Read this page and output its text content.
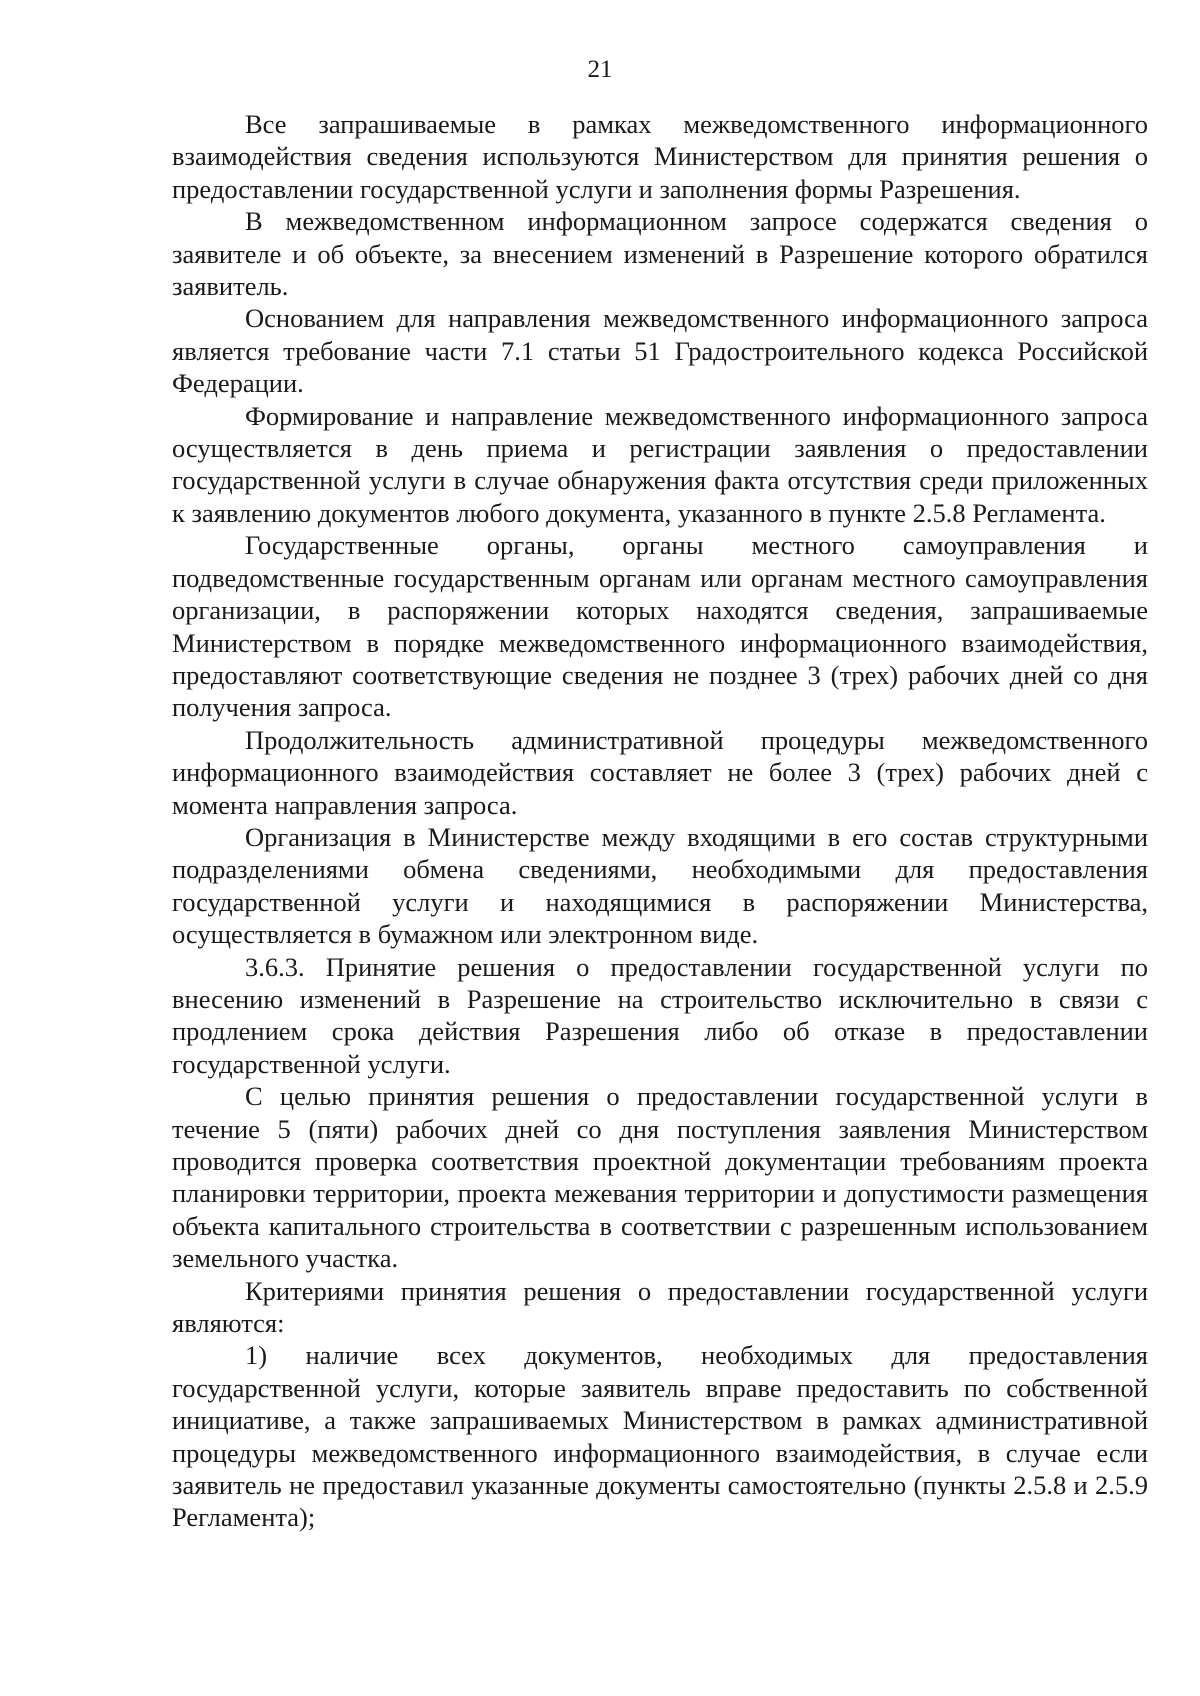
21

Все запрашиваемые в рамках межведомственного информационного взаимодействия сведения используются Министерством для принятия решения о предоставлении государственной услуги и заполнения формы Разрешения.

В межведомственном информационном запросе содержатся сведения о заявителе и об объекте, за внесением изменений в Разрешение которого обратился заявитель.

Основанием для направления межведомственного информационного запроса является требование части 7.1 статьи 51 Градостроительного кодекса Российской Федерации.

Формирование и направление межведомственного информационного запроса осуществляется в день приема и регистрации заявления о предоставлении государственной услуги в случае обнаружения факта отсутствия среди приложенных к заявлению документов любого документа, указанного в пункте 2.5.8 Регламента.

Государственные органы, органы местного самоуправления и подведомственные государственным органам или органам местного самоуправления организации, в распоряжении которых находятся сведения, запрашиваемые Министерством в порядке межведомственного информационного взаимодействия, предоставляют соответствующие сведения не позднее 3 (трех) рабочих дней со дня получения запроса.

Продолжительность административной процедуры межведомственного информационного взаимодействия составляет не более 3 (трех) рабочих дней с момента направления запроса.

Организация в Министерстве между входящими в его состав структурными подразделениями обмена сведениями, необходимыми для предоставления государственной услуги и находящимися в распоряжении Министерства, осуществляется в бумажном или электронном виде.

3.6.3. Принятие решения о предоставлении государственной услуги по внесению изменений в Разрешение на строительство исключительно в связи с продлением срока действия Разрешения либо об отказе в предоставлении государственной услуги.

С целью принятия решения о предоставлении государственной услуги в течение 5 (пяти) рабочих дней со дня поступления заявления Министерством проводится проверка соответствия проектной документации требованиям проекта планировки территории, проекта межевания территории и допустимости размещения объекта капитального строительства в соответствии с разрешенным использованием земельного участка.

Критериями принятия решения о предоставлении государственной услуги являются:

1) наличие всех документов, необходимых для предоставления государственной услуги, которые заявитель вправе предоставить по собственной инициативе, а также запрашиваемых Министерством в рамках административной процедуры межведомственного информационного взаимодействия, в случае если заявитель не предоставил указанные документы самостоятельно (пункты 2.5.8 и 2.5.9 Регламента);
